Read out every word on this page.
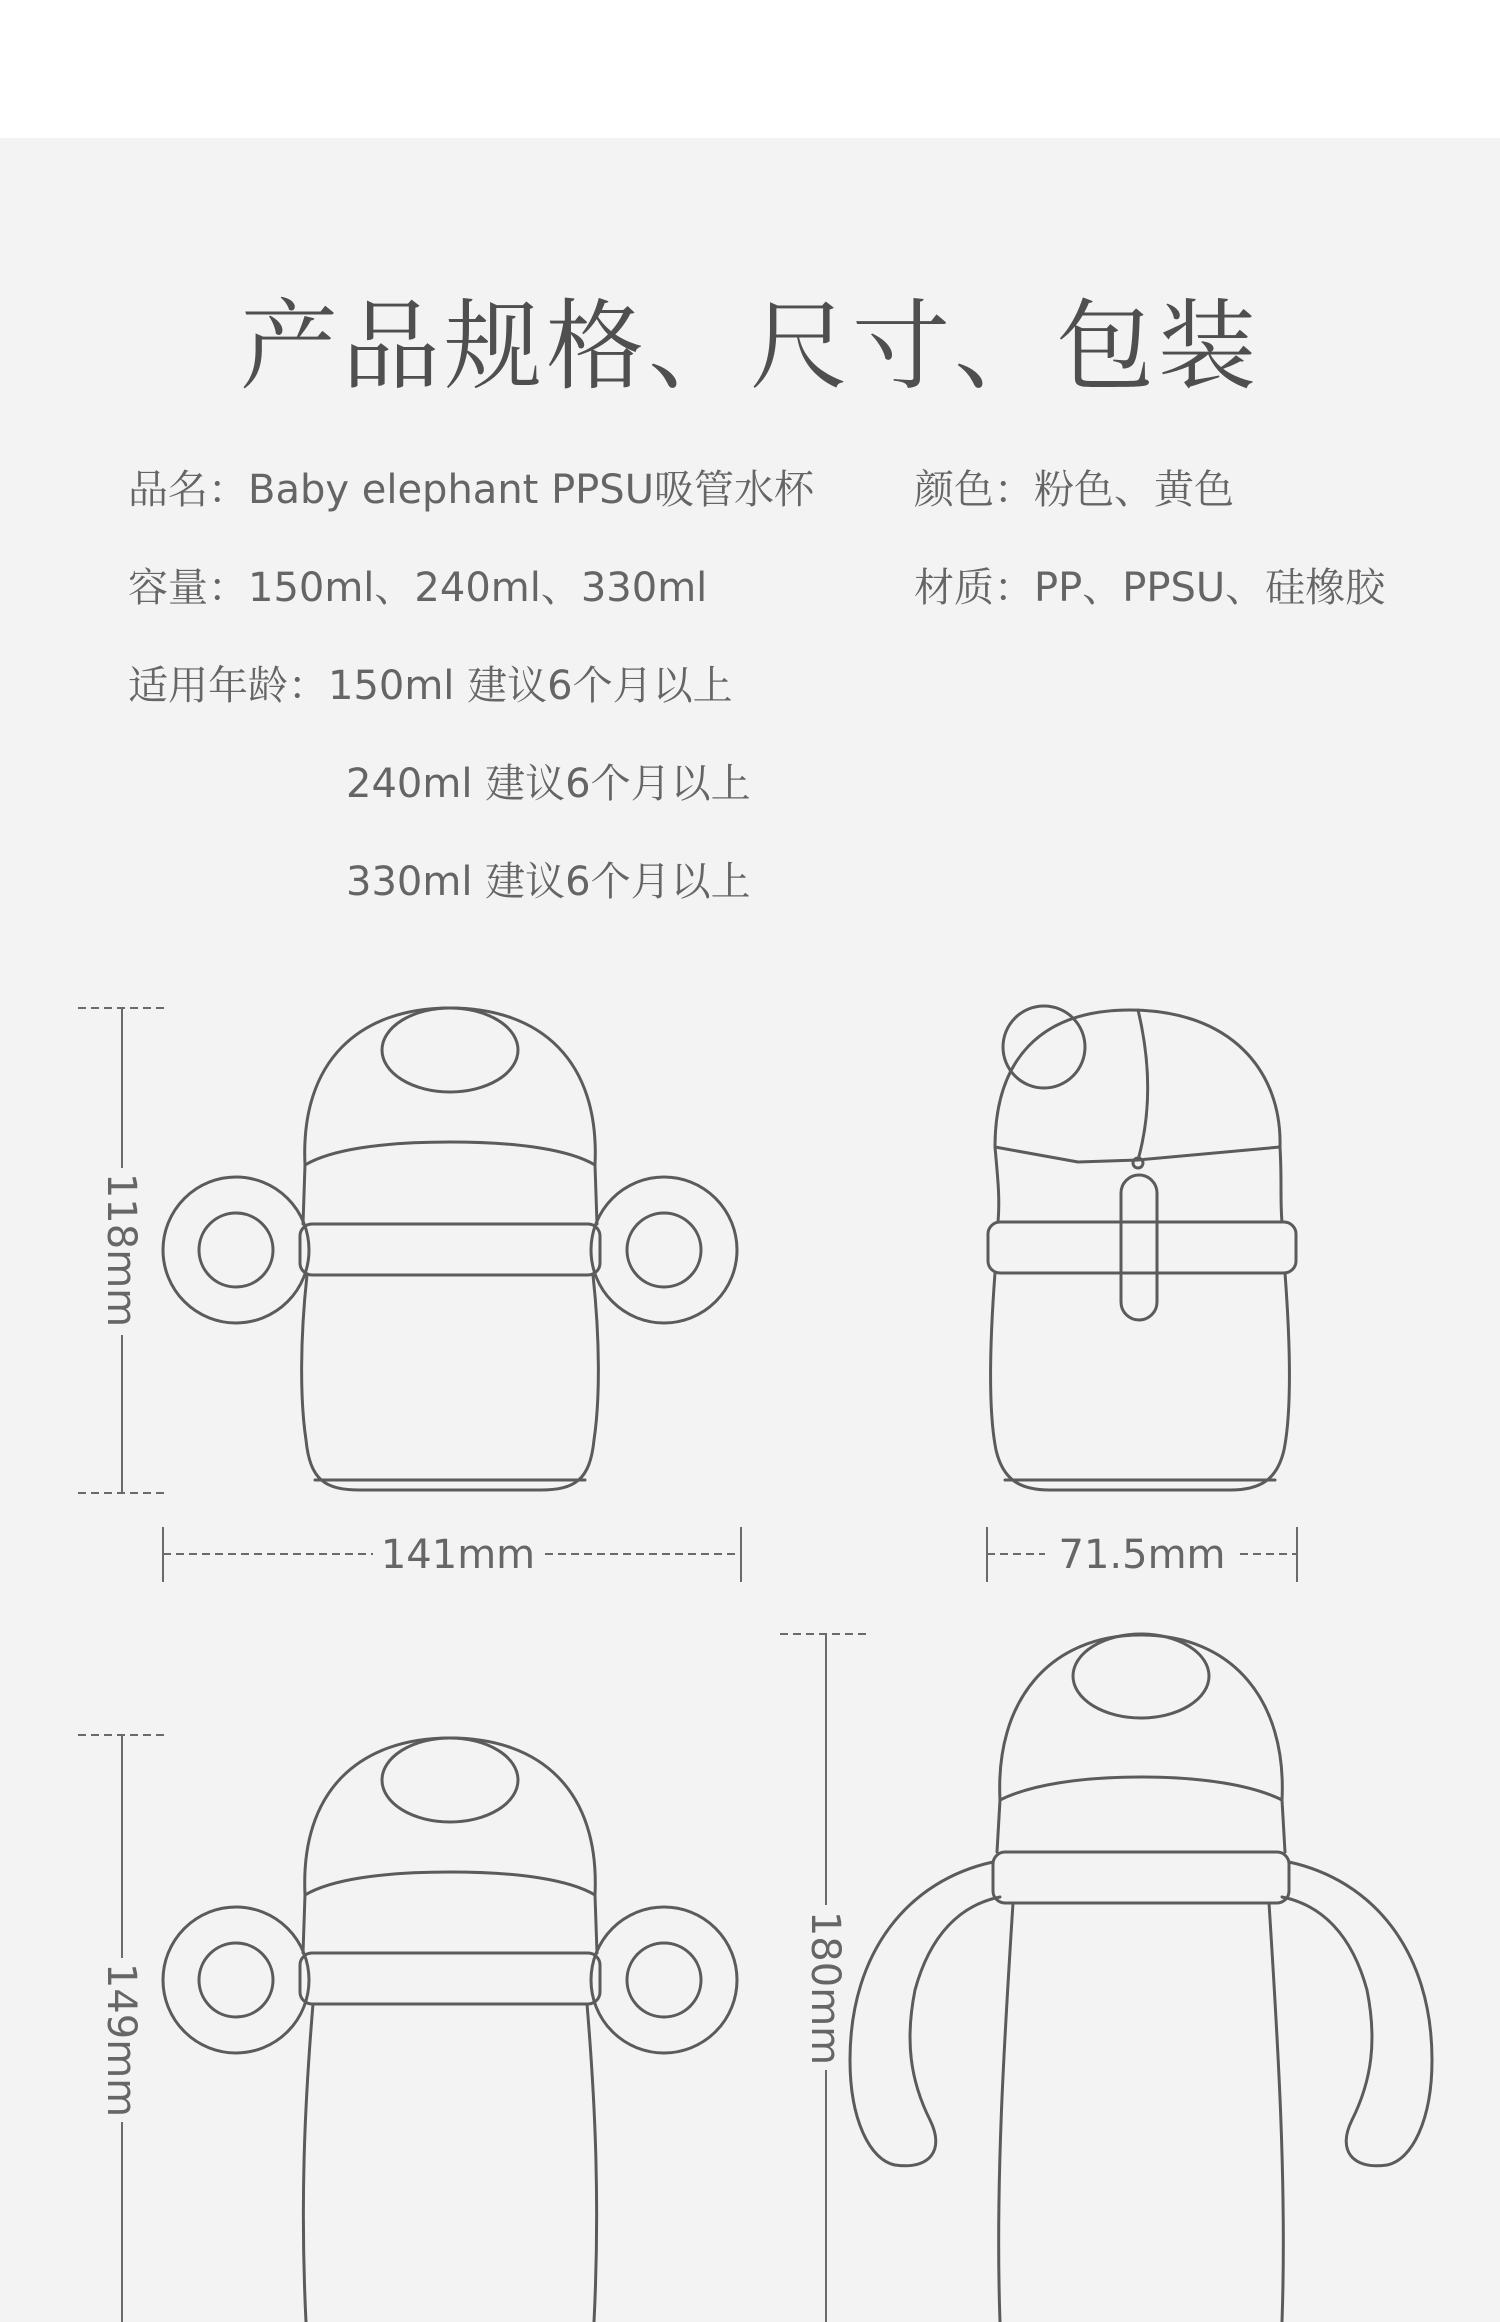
产品规格、尺寸、包装
品名：Baby elephant PPSU吸管水杯	颜色：粉色、黄色
容量：150ml、240ml、330ml	材质：PP、PPSU、硅橡胶
适用年龄：150ml 建议6个月以上
240ml 建议6个月以上
330ml 建议6个月以上
118mm
141mm	71.5mm
149mm	180mm
